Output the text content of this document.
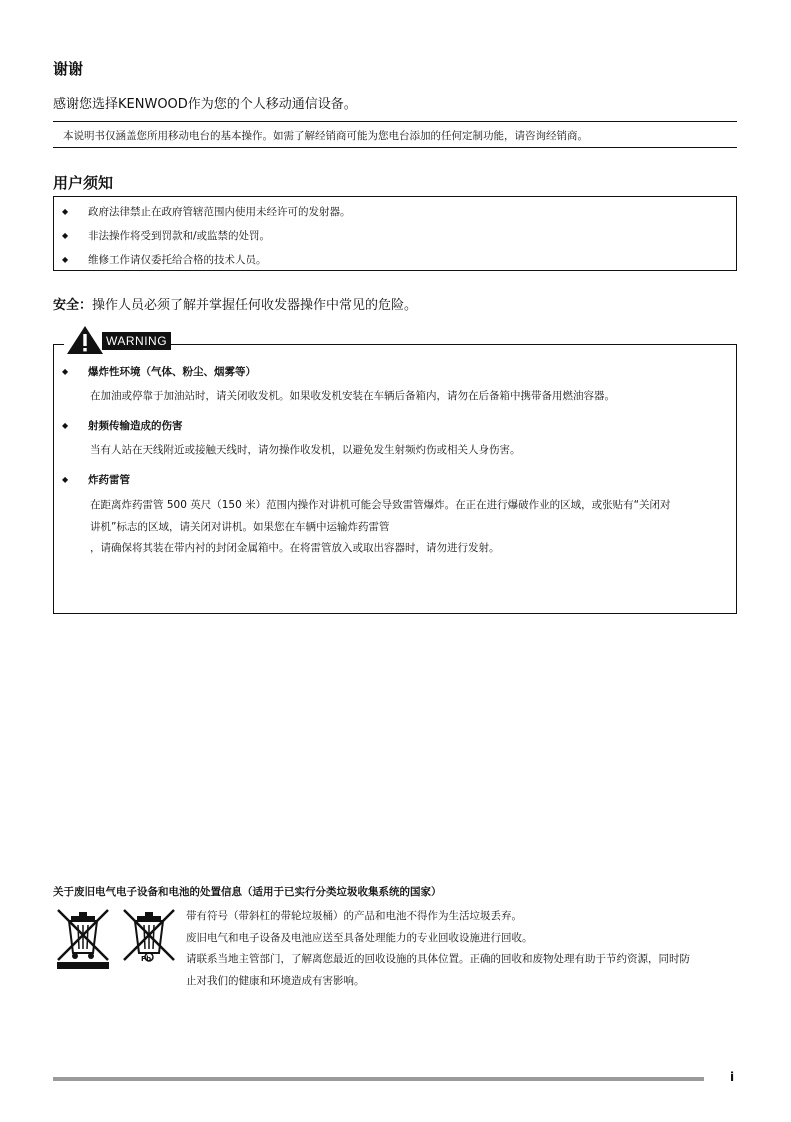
谢谢
感谢您选择KENWOOD作为您的个人移动通信设备。
本说明书仅涵盖您所用移动电台的基本操作。如需了解经销商可能为您电台添加的任何定制功能，请咨询经销商。
用户须知
◆	政府法律禁止在政府管辖范围内使用未经许可的发射器。
◆	非法操作将受到罚款和/或监禁的处罚。
◆	维修工作请仅委托给合格的技术人员。
安全：操作人员必须了解并掌握任何收发器操作中常见的危险。
◆	爆炸性环境（气体、粉尘、烟雾等）
在加油或停靠于加油站时，请关闭收发机。如果收发机安装在车辆后备箱内，请勿在后备箱中携带备用燃油容器。
◆	射频传输造成的伤害
当有人站在天线附近或接触天线时，请勿操作收发机，以避免发生射频灼伤或相关人身伤害。
◆	炸药雷管
在距离炸药雷管 500 英尺（150 米）范围内操作对讲机可能会导致雷管爆炸。在正在进行爆破作业的区域，或张贴有“关闭对
讲机”标志的区域，请关闭对讲机。如果您在车辆中运输炸药雷管
，请确保将其装在带内衬的封闭金属箱中。在将雷管放入或取出容器时，请勿进行发射。
WARNING
关于废旧电气电子设备和电池的处置信息（适用于已实行分类垃圾收集系统的国家）
Pb
带有符号（带斜杠的带轮垃圾桶）的产品和电池不得作为生活垃圾丢弃。
废旧电气和电子设备及电池应送至具备处理能力的专业回收设施进行回收。
请联系当地主管部门，了解离您最近的回收设施的具体位置。正确的回收和废物处理有助于节约资源，同时防
止对我们的健康和环境造成有害影响。
i
